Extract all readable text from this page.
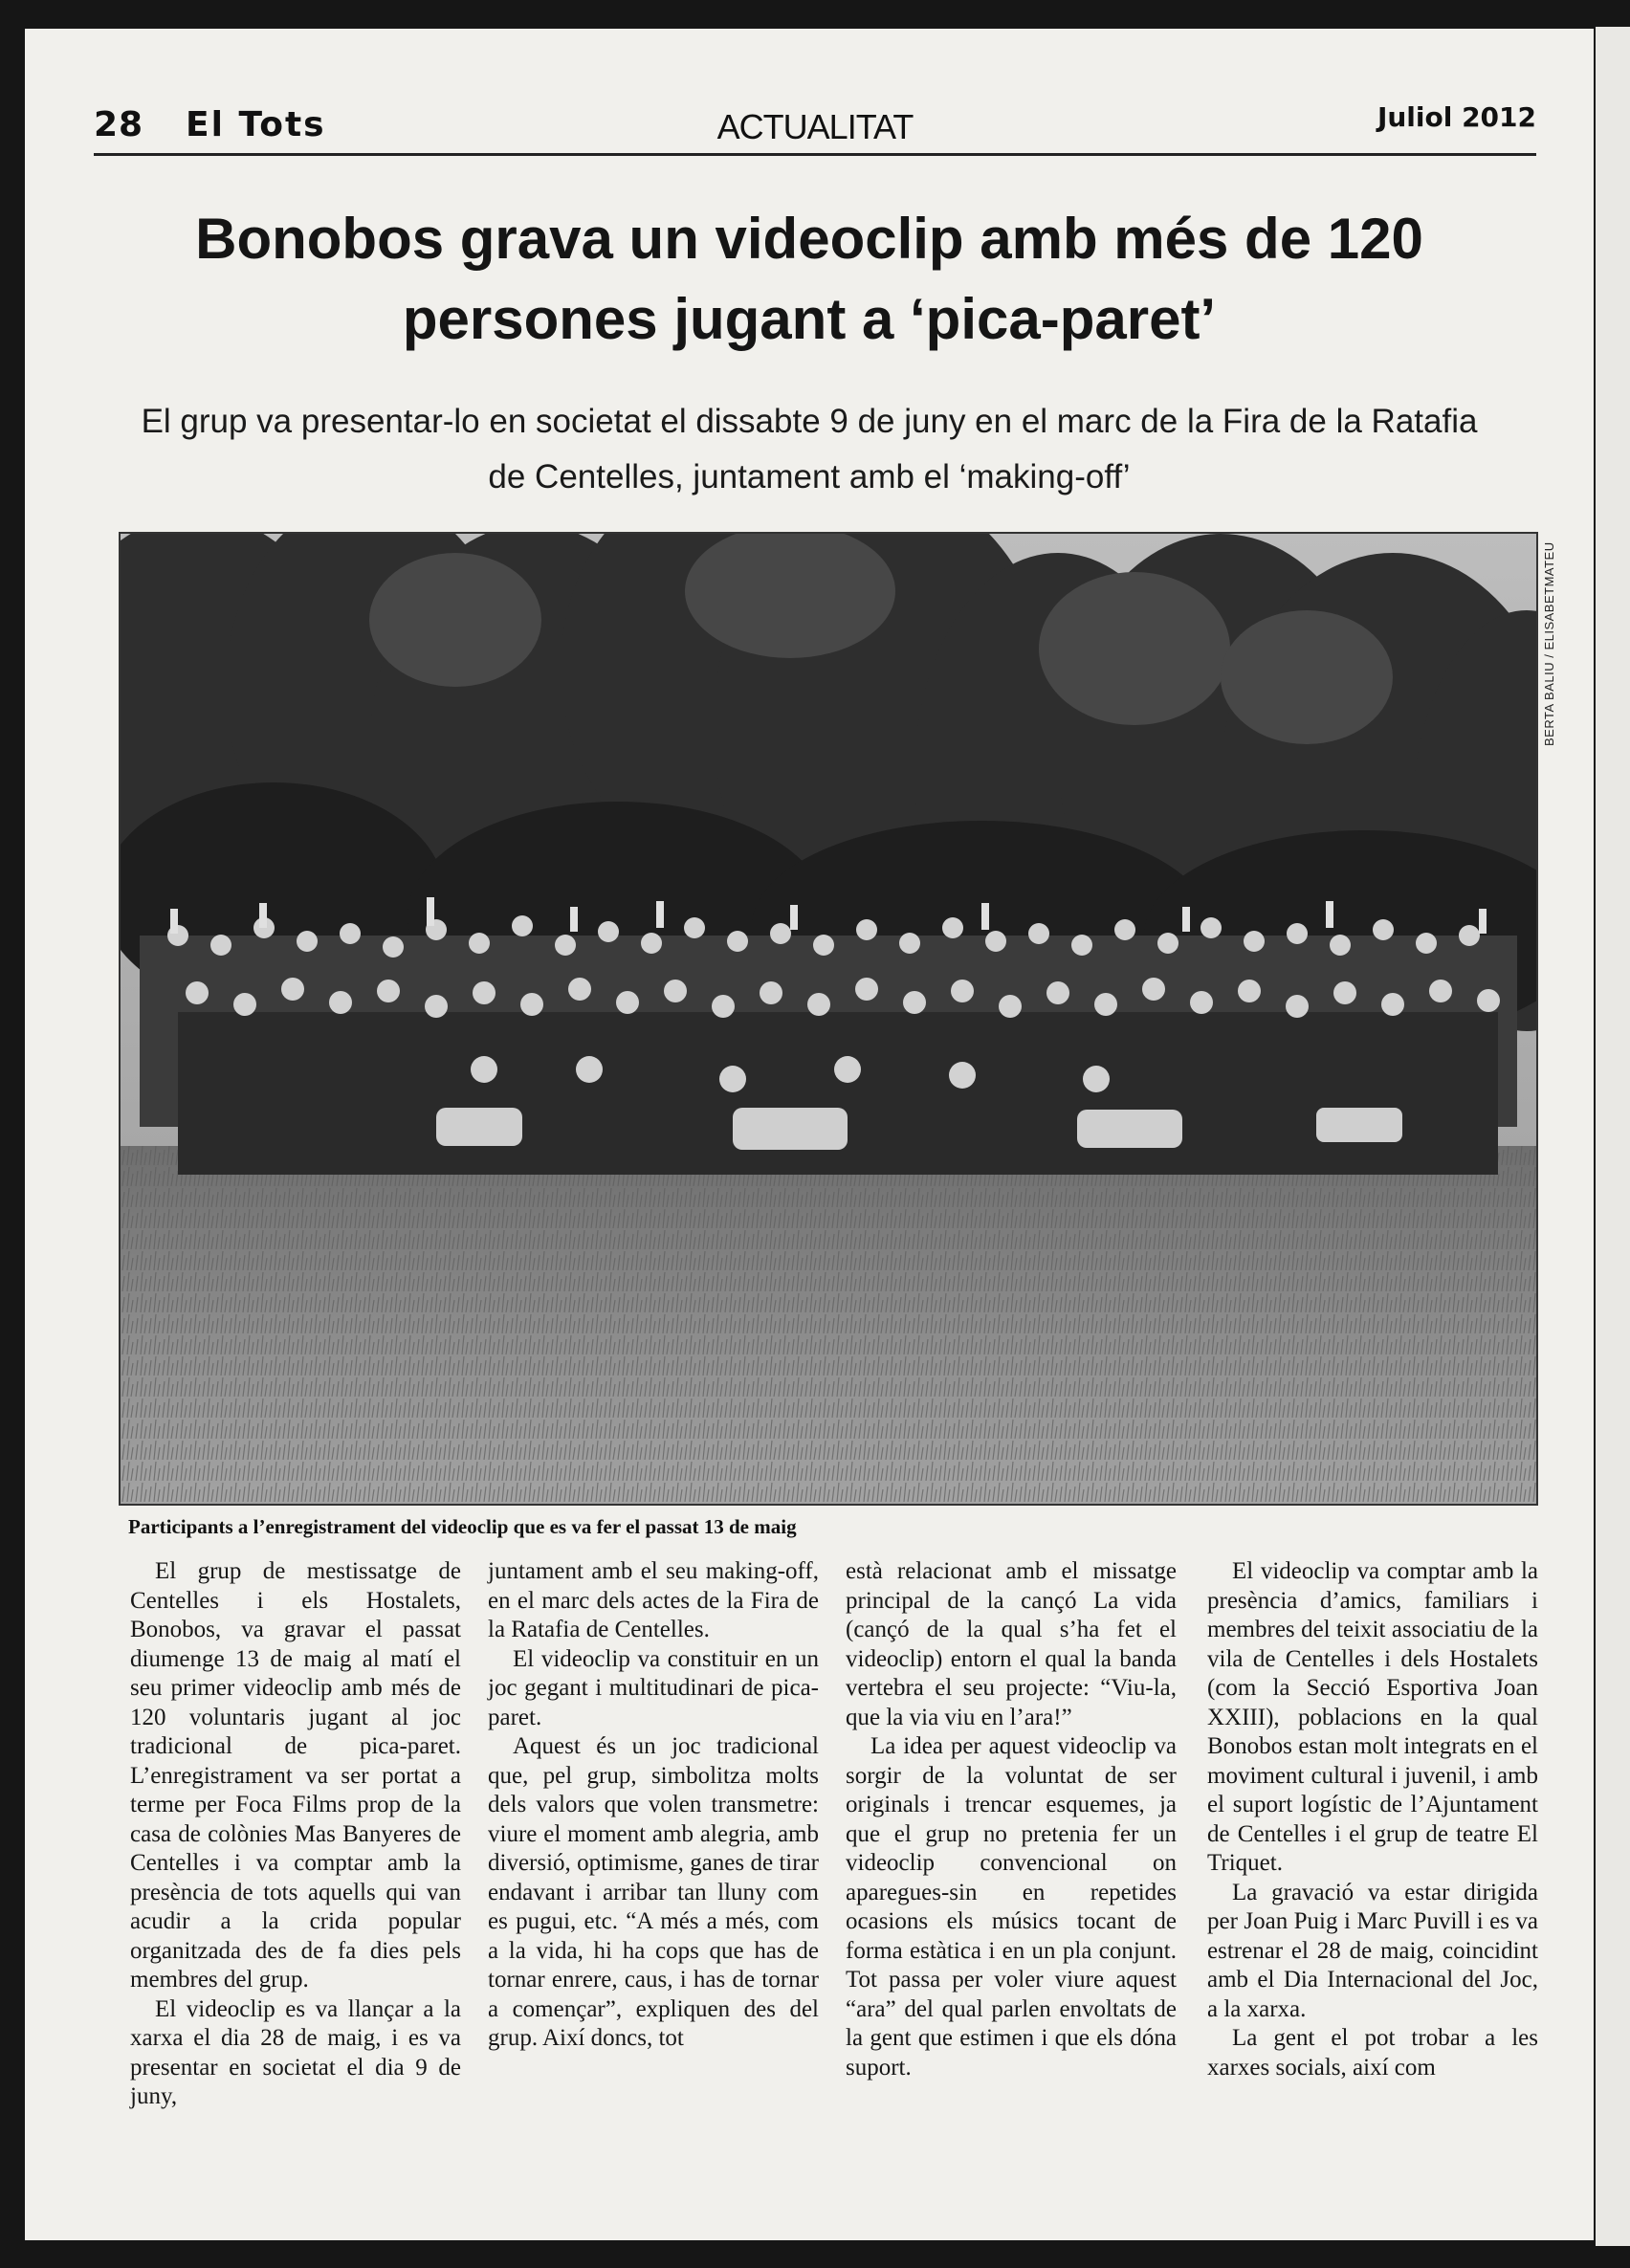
28 El Tots	ACTUALITAT	Juliol 2012
Bonobos grava un videoclip amb més de 120 persones jugant a ‘pica-paret’

El grup va presentar-lo en societat el dissabte 9 de juny en el marc de la Fira de la Ratafia de Centelles, juntament amb el ‘making-off’

BERTA BALIU / ELISABETMATEU
Participants a l’enregistrament del videoclip que es va fer el passat 13 de maig

El grup de mestissatge de Centelles i els Hostalets, Bonobos, va gravar el passat diumenge 13 de maig al matí el seu primer videoclip amb més de 120 voluntaris jugant al joc tradicional de pica-paret. L’enregistrament va ser portat a terme per Foca Films prop de la casa de colònies Mas Banyeres de Centelles i va comptar amb la presència de tots aquells qui van acudir a la crida popular organitzada des de fa dies pels membres del grup.

El videoclip es va llançar a la xarxa el dia 28 de maig, i es va presentar en societat el dia 9 de juny,

juntament amb el seu making-off, en el marc dels actes de la Fira de la Ratafia de Centelles.

El videoclip va constituir en un joc gegant i multitudinari de pica-paret.

Aquest és un joc tradicional que, pel grup, simbolitza molts dels valors que volen transmetre: viure el moment amb alegria, amb diversió, optimisme, ganes de tirar endavant i arribar tan lluny com es pugui, etc. “A més a més, com a la vida, hi ha cops que has de tornar enrere, caus, i has de tornar a començar”, expliquen des del grup. Així doncs, tot

està relacionat amb el missatge principal de la cançó La vida (cançó de la qual s’ha fet el videoclip) entorn el qual la banda vertebra el seu projecte: “Viu-la, que la via viu en l’ara!”

La idea per aquest videoclip va sorgir de la voluntat de ser originals i trencar esquemes, ja que el grup no pretenia fer un videoclip convencional on aparegues-sin en repetides ocasions els músics tocant de forma estàtica i en un pla conjunt. Tot passa per voler viure aquest “ara” del qual parlen envoltats de la gent que estimen i que els dóna suport.

El videoclip va comptar amb la presència d’amics, familiars i membres del teixit associatiu de la vila de Centelles i dels Hostalets (com la Secció Esportiva Joan XXIII), poblacions en la qual Bonobos estan molt integrats en el moviment cultural i juvenil, i amb el suport logístic de l’Ajuntament de Centelles i el grup de teatre El Triquet.

La gravació va estar dirigida per Joan Puig i Marc Puvill i es va estrenar el 28 de maig, coincidint amb el Dia Internacional del Joc, a la xarxa.

La gent el pot trobar a les xarxes socials, així com
